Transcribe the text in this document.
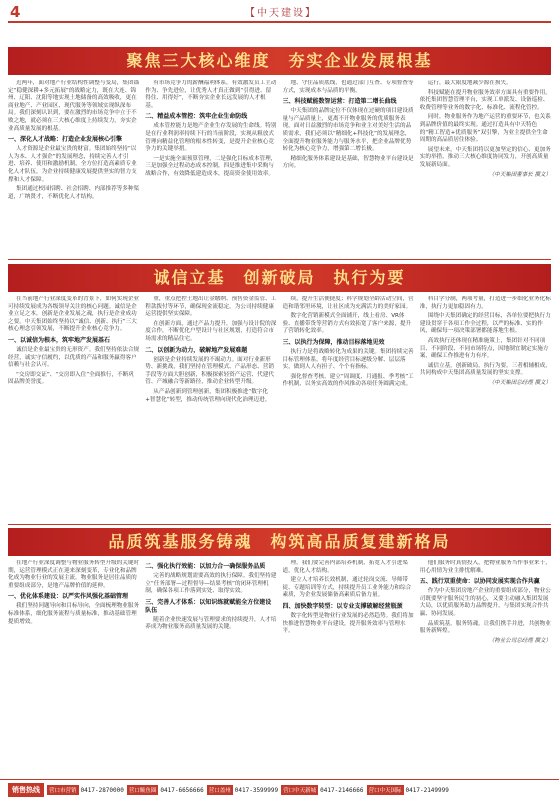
4	【中天建设】
聚焦三大核心维度　夯实企业发展根基

近两年，面对地产行业结构性调整与变局，集团锚定“稳健深耕+多元拓展”的战略定力，既在大连、锦州、辽阳、沈阳等地实现土地储备的高效吸收，更在商业地产、产业园区、现代服务等领域实现纵深布局。我们深刻认识到，要在激烈的市场竞争中立于不败之地，就必须在三大核心维度上持续发力，夯实企业高质量发展的根基。

一、深化人才战略：打造企业发展核心引擎

人才资源是企业最宝贵的财富。集团始终坚持“以人为本、人才强企”的发展理念，持续完善人才引进、培养、使用和激励机制，全方位打造高素质专业化人才队伍，为企业持续健康发展提供坚实的智力支撑和人才保障。

集团通过校园招聘、社会招聘、内部推荐等多种渠道，广纳贤才，不断优化人才结构。

有市场竞争力的薪酬福利体系，有效激发员工主动作为、争先进位，让优秀人才真正做到“引得进、留得住、用得好”，不断夯实企业长远发展的人才根基。

二、精益成本管控：筑牢企业生命防线

成本管控能力是地产企业生存发展的生命线。特别是在行业利润率持续下行的当前阶段，实现从粗放式管理向精益化管理的根本性转变，是提升企业核心竞争力的关键举措。

一是实施全面预算管理，二是强化目标成本管理，三是加强全过程动态成本控制，四是推进集中采购与战略合作，有效降低建造成本，提高资金使用效率。

地、守住品质底线，也通过部门互查、专项督查等方式，实现成本与品质的平衡。

三、科技赋能数智运营：打造第二增长曲线

中天集团的品牌定位不仅体现在过硬的项目建设质量与产品质量上，更离不开物业服务的优质服务表现，面对日益激烈的市场竞争和业主对美好生活的品质需求，我们必须以“精细化+科技化”的发展理念，全面提升物业服务能力与服务水平，把企业品牌优势转化为核心竞争力，增强第二增长极。

精细化服务体系建设是基础，智慧物业平台建设是方向。

运行，最大限度地减少源在损失。

科技赋能在提升物业服务效率方面具有重要作用。依托集团智慧管理平台，实现工单派发、设备巡检、收费管理等业务的数字化、标准化、流程化管控。

同时，物业服务作为地产运营的重要环节，也关系到品牌价值的最终实现。通过打造具有中天特色的“精工智造+优质服务”双引擎，为业主提供全生命周期的高品质居住体验。

展望未来，中天集团将以更加坚定的信心、更加务实的举措，推动三大核心维度协同发力，开创高质量发展新局面。

（中天集团董事长 撰文）
诚信立基　创新破局　执行为要

在当前地产行业深度变革的背景下，如何实现企业可持续发展成为各级领导关注的核心问题。诚信是企业立足之本，创新是企业发展之魂，执行是企业成功之要。中天集团始终坚持以“诚信、创新、执行”三大核心理念引领发展，不断提升企业核心竞争力。

一、以诚信为根本，筑牢地产发展基石

诚信是企业最宝贵的无形资产。我们坚持依法合规经营，诚实守信履约，以优质的产品和服务赢得客户信赖与社会认可。

“交房即交证”、“交房即入住”全面推行，不断巩固品牌美誉度。

重，重点把控土地出让金缴纳、预售资金监管、工程款拨付等环节，确保现金流稳定，为公司持续健康运营提供坚实保障。

在创新方面，通过产品力提升，加强与设计院的深度合作，不断优化户型设计与社区规划，打造符合市场需求的精品住宅。

二、以创新为动力，破解地产发展难题

创新是企业持续发展的不竭动力。面对行业新形势、新挑战，我们坚持在管理模式、产品形态、营销手段等方面大胆创新，积极探索轻资产运营、代建代管、产城融合等新路径，推动企业转型升级。

从产品创新到管理创新，集团积极推进“数字化+智慧化”转型，推动传统管理向现代化治理迈进。

续，提升生活便捷度；科学规划全龄活动空间，营造和谐邻里环境，让社区成为充满活力的美好家园。

数字化营销新模式全面铺开，线上看房、VR体验、直播带货等营销方式有效拓宽了客户来源，提升了营销转化效率。

三、以执行为保障，推动目标落地见效

执行力是将战略转化为成果的关键。集团持续完善目标管理体系，将年度经营目标逐级分解、层层落实，做到人人有担子、个个有指标。

强化督查考核，建立“周调度、月通报、季考核”工作机制，以务实高效的作风推动各项任务圆满完成。

科目学分制，两项考量，打造进一步细化业务化标准，执行力更加稳固有力。

围绕中天集团确定的经营目标，各单位要把执行力建设贯穿于各项工作全过程，以严的标准、实的作风，确保每一项决策部署都能落地生根。

高效执行还体现在精准施策上，集团针对不同项目、不同阶段、不同市场特点，因地制宜制定实施方案，确保工作推进有力有序。

诚信立基，创新破局，执行为要。三者相辅相成，共同构成中天集团高质量发展的坚实支撑。

（中天集团总经理 撰文）
品质筑基服务铸魂　构筑高品质复建新格局

在地产行业深度调整与物业服务转型升级的关键时期，运营管理模式正在迎来深刻变革，专业化和品牌化成为物业行业的发展主流。物业服务是居住品质的重要组成部分，是地产品牌价值的延伸。

一、优化体系建设：以严实作风强化基础管理

我们坚持问题导向和目标导向，全面梳理物业服务标准体系，细化服务流程与质量标准，推动基础管理提质增效。

二、强化执行效能：以加力合一确保服务品质

完善的战略规划需要高效的执行保障。我们坚持建立“任务部署—过程督导—结果考核”的闭环管理机制，确保各项工作落到实处、取得实效。

三、完善人才体系：以知识练就赋能全方位建设队伍

随着企业快速发展与管理要求的持续提升，人才培养成为物业服务高质量发展的关键。

理，我们要完善内部培养机制，拓宽人才引进渠道，优化人才结构。

建立人才培养长效机制，通过轮岗交流、导师带徒、专题培训等方式，持续提升员工业务能力和综合素质，为企业发展储备高素质后备力量。

四、加快数字转型：以专业支撑破解经营瓶颈

数字化转型是物业行业发展的必然趋势。我们将加快推进智慧物业平台建设，提升服务效率与管理水平。

他们服务时真情投入，把物业服务当作事业来干，用心用情为业主排忧解难。

五、践行双重使命：以协同发展实现合作共赢

作为中天集团房地产企业的重要组成部分，物业公司既要坚守服务民生的初心，又要主动融入集团发展大局，以优质服务助力品牌提升，与集团实现合作共赢、协同发展。

品质筑基，服务铸魂。让我们携手并进，共创物业服务新辉煌。

（物业公司总经理 撰文）
销售热线	营口市营销 0417-2870000 营口鲅鱼圈 0417-6656666 营口盖州 0417-3599999 营口中天新城 0417-2146666 营口中天国际 0417-2149999
